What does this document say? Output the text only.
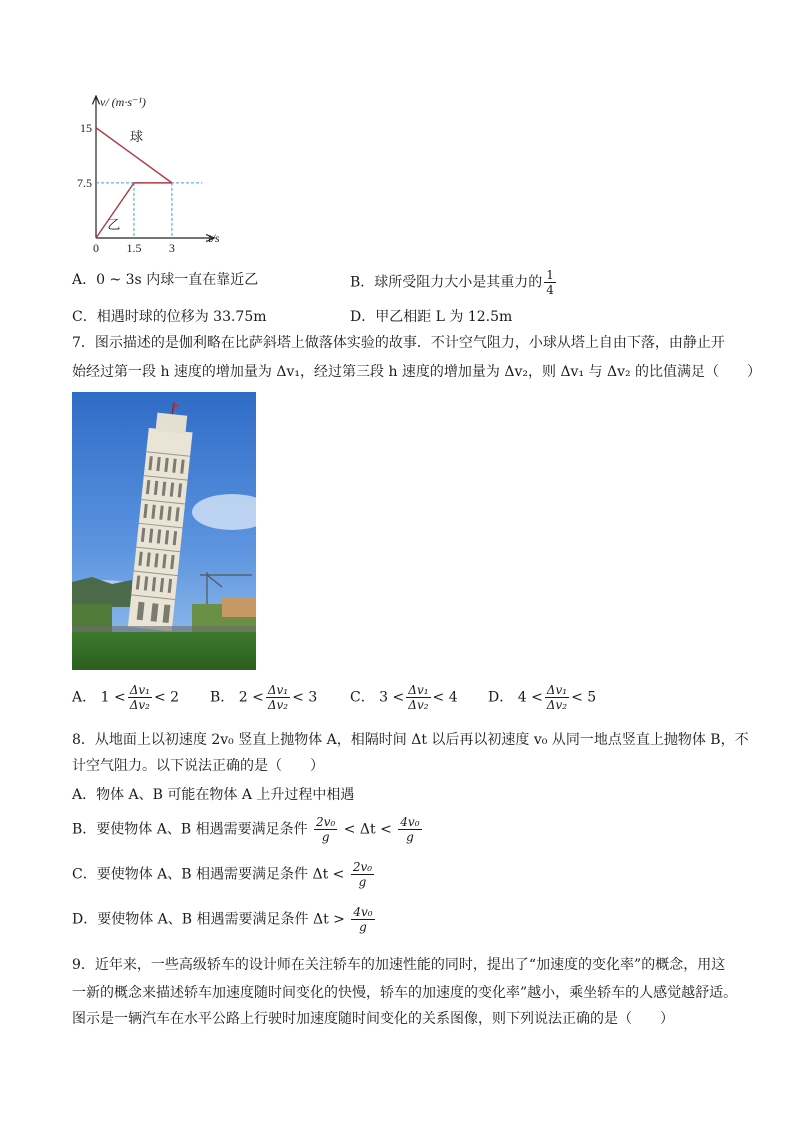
球
乙
15
7.5
0 1.5 3
v/ (m·s⁻¹)
t/s
A．0 ~ 3s 内球一直在靠近乙	B．球所受阻力大小是其重力的 $\frac{1}{4}$
C．相遇时球的位移为 33.75m	D．甲乙相距 L 为 12.5m
7．图示描述的是伽利略在比萨斜塔上做落体实验的故事．不计空气阻力，小球从塔上自由下落，由静止开
始经过第一段 h 速度的增加量为 Δv₁，经过第三段 h 速度的增加量为 Δv₂，则 Δv₁ 与 Δv₂ 的比值满足（　　）
A． $1 < \frac{\text{Δv₁}}{\text{Δv₂}} < 2$ B． $2 < \frac{\text{Δv₁}}{\text{Δv₂}} < 3$ C． $3 < \frac{\text{Δv₁}}{\text{Δv₂}} < 4$ D． $4 < \frac{\text{Δv₁}}{\text{Δv₂}} < 5$
8．从地面上以初速度 2v₀ 竖直上抛物体 A，相隔时间 Δt 以后再以初速度 v₀ 从同一地点竖直上抛物体 B，不
计空气阻力。以下说法正确的是（　　）
A．物体 A、B 可能在物体 A 上升过程中相遇
B．要使物体 A、B 相遇需要满足条件 $\frac{\text{2v₀}}{g} < \Delta t < \frac{\text{4v₀}}{g}$
C．要使物体 A、B 相遇需要满足条件 $\Delta t < \frac{\text{2v₀}}{g}$
D．要使物体 A、B 相遇需要满足条件 $\Delta t > \frac{\text{4v₀}}{g}$
9．近年来，一些高级轿车的设计师在关注轿车的加速性能的同时，提出了“加速度的变化率”的概念，用这
一新的概念来描述轿车加速度随时间变化的快慢，轿车的加速度的变化率”越小，乘坐轿车的人感觉越舒适。
图示是一辆汽车在水平公路上行驶时加速度随时间变化的关系图像，则下列说法正确的是（　　）
